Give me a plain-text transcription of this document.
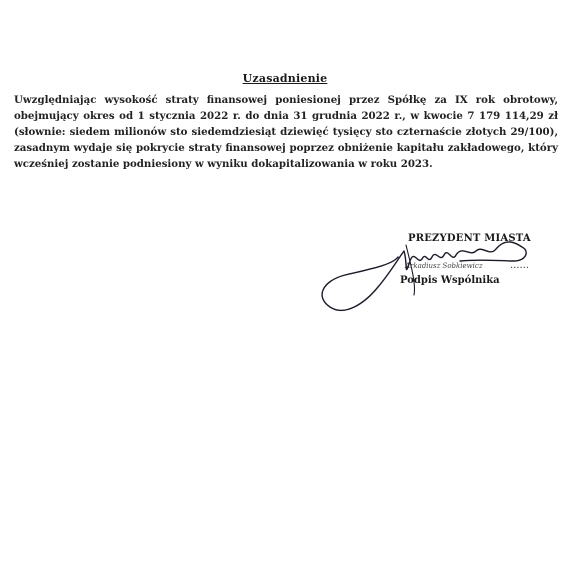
Uzasadnienie
Uwzględniając wysokość straty finansowej poniesionej przez Spółkę za IX rok obrotowy,
obejmujący okres od 1 stycznia 2022 r. do dnia 31 grudnia 2022 r., w kwocie 7 179 114,29 zł
(słownie: siedem milionów sto siedemdziesiąt dziewięć tysięcy sto czternaście złotych 29/100),
zasadnym wydaje się pokrycie straty finansowej poprzez obniżenie kapitału zakładowego, który
wcześniej zostanie podniesiony w wyniku dokapitalizowania w roku 2023.
PREZYDENT MIASTA
Arkadiusz Sobkiewicz	......
Podpis Wspólnika
